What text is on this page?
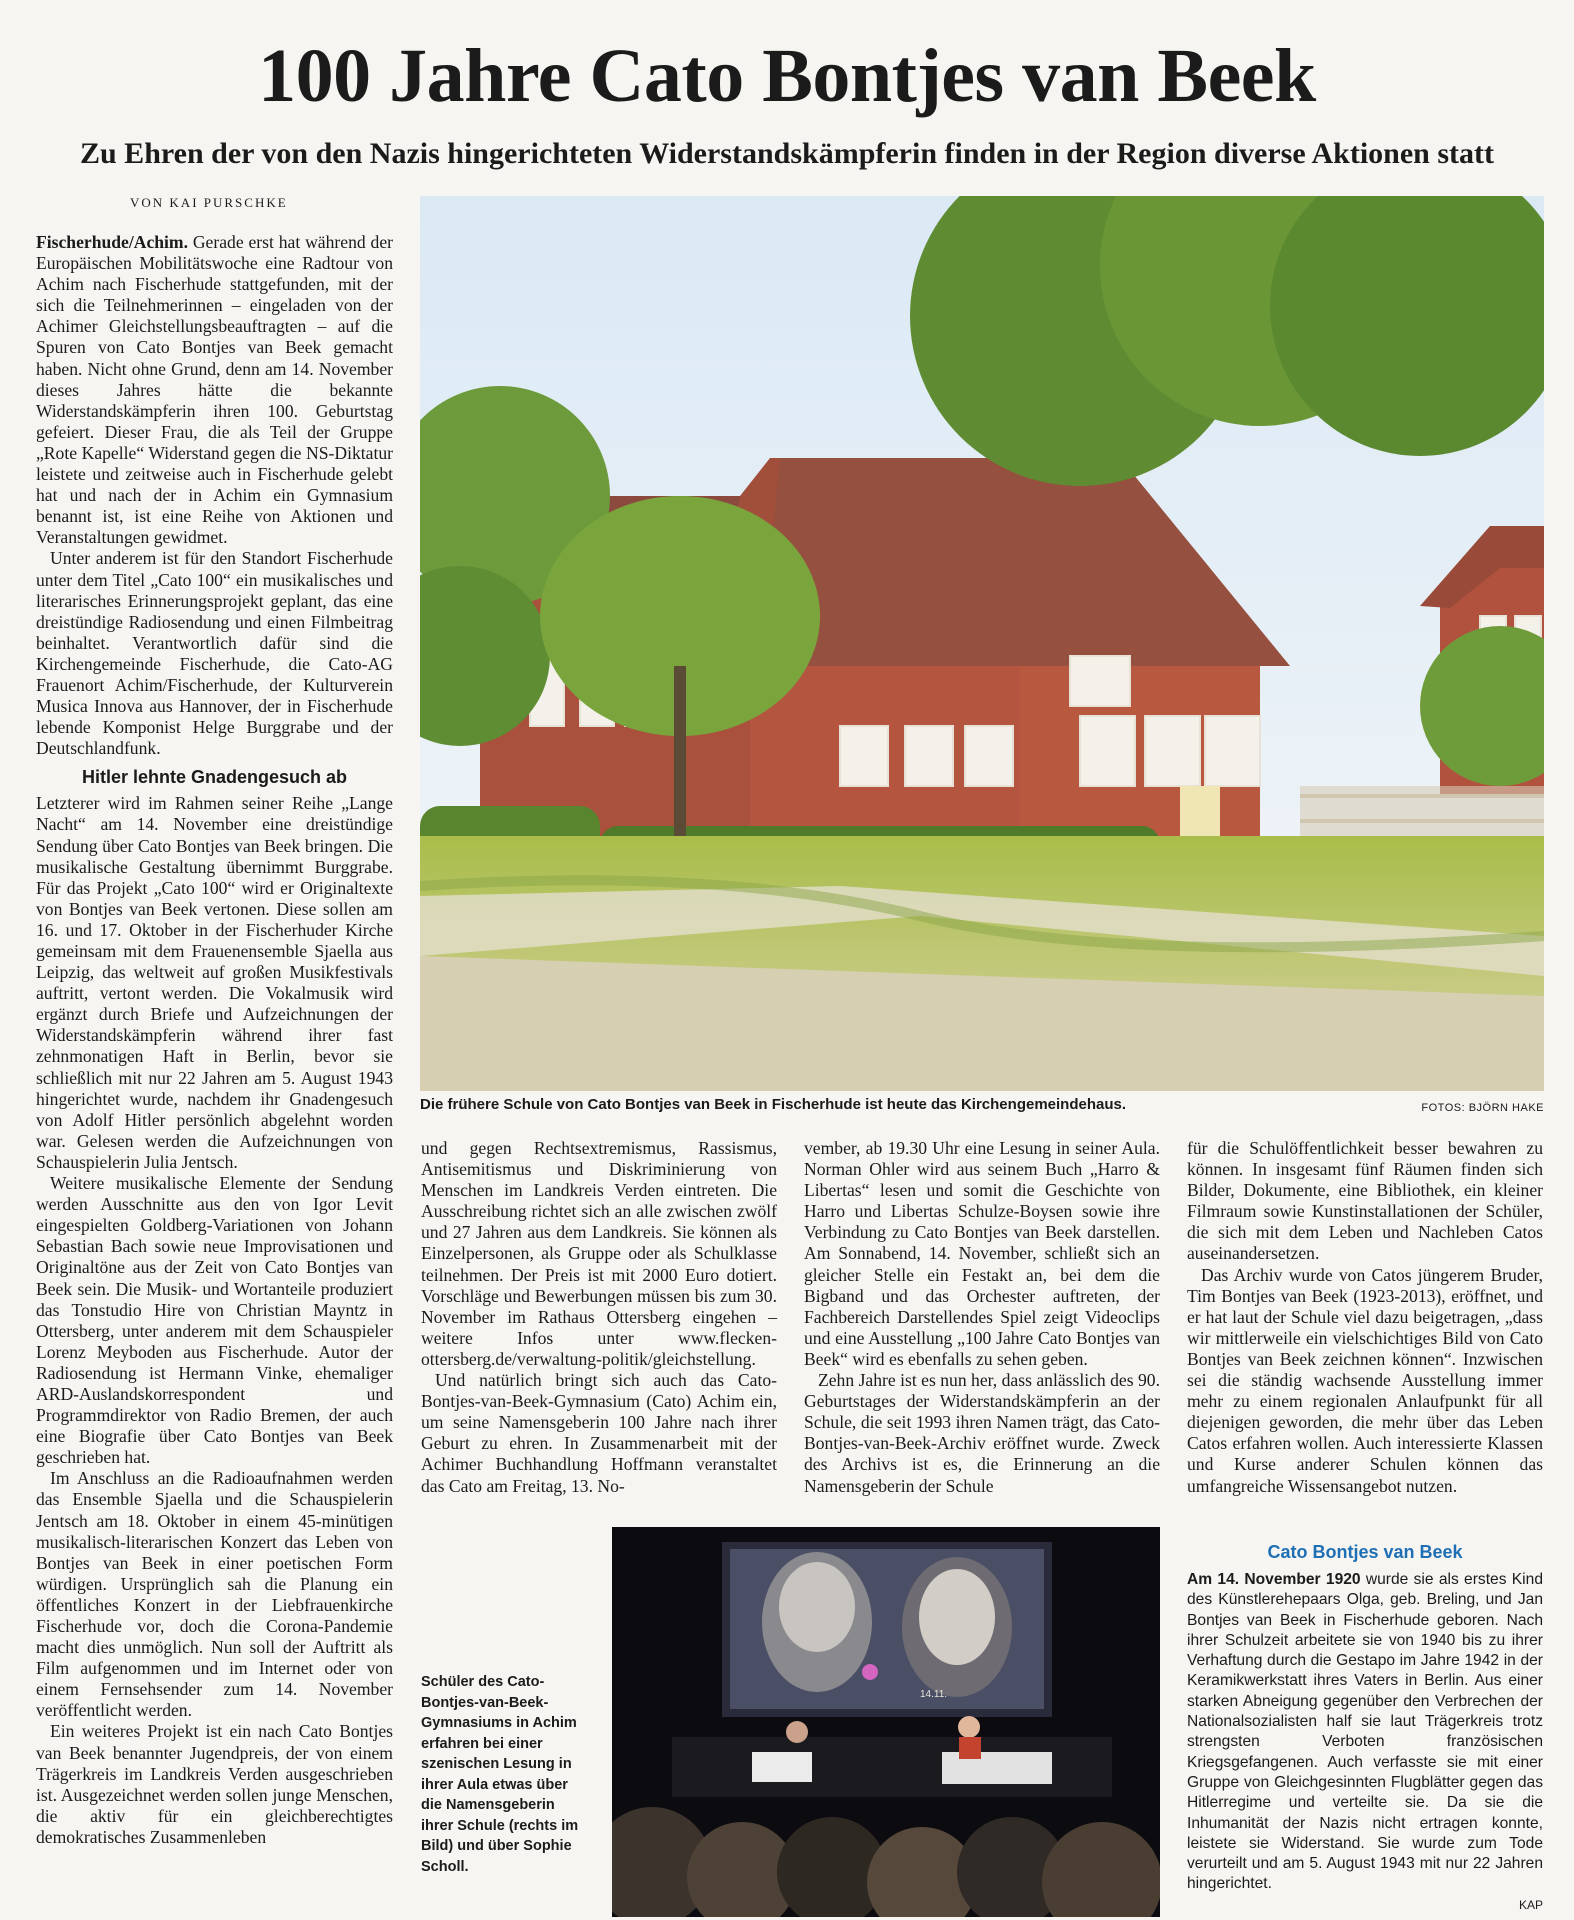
100 Jahre Cato Bontjes van Beek
Zu Ehren der von den Nazis hingerichteten Widerstandskämpferin finden in der Region diverse Aktionen statt
VON KAI PURSCHKE

Fischerhude/Achim. Gerade erst hat während der Europäischen Mobilitätswoche eine Radtour von Achim nach Fischerhude stattgefunden, mit der sich die Teilnehmerinnen – eingeladen von der Achimer Gleichstellungsbeauftragten – auf die Spuren von Cato Bontjes van Beek gemacht haben. Nicht ohne Grund, denn am 14. November dieses Jahres hätte die bekannte Widerstandskämpferin ihren 100. Geburtstag gefeiert. Dieser Frau, die als Teil der Gruppe „Rote Kapelle“ Widerstand gegen die NS-Diktatur leistete und zeitweise auch in Fischerhude gelebt hat und nach der in Achim ein Gymnasium benannt ist, ist eine Reihe von Aktionen und Veranstaltungen gewidmet.

Unter anderem ist für den Standort Fischerhude unter dem Titel „Cato 100“ ein musikalisches und literarisches Erinnerungsprojekt geplant, das eine dreistündige Radiosendung und einen Filmbeitrag beinhaltet. Verantwortlich dafür sind die Kirchengemeinde Fischerhude, die Cato-AG Frauenort Achim/Fischerhude, der Kulturverein Musica Innova aus Hannover, der in Fischerhude lebende Komponist Helge Burggrabe und der Deutschlandfunk.

Hitler lehnte Gnadengesuch ab

Letzterer wird im Rahmen seiner Reihe „Lange Nacht“ am 14. November eine dreistündige Sendung über Cato Bontjes van Beek bringen. Die musikalische Gestaltung übernimmt Burggrabe. Für das Projekt „Cato 100“ wird er Originaltexte von Bontjes van Beek vertonen. Diese sollen am 16. und 17. Oktober in der Fischerhuder Kirche gemeinsam mit dem Frauenensemble Sjaella aus Leipzig, das weltweit auf großen Musikfestivals auftritt, vertont werden. Die Vokalmusik wird ergänzt durch Briefe und Aufzeichnungen der Widerstandskämpferin während ihrer fast zehnmonatigen Haft in Berlin, bevor sie schließlich mit nur 22 Jahren am 5. August 1943 hingerichtet wurde, nachdem ihr Gnadengesuch von Adolf Hitler persönlich abgelehnt worden war. Gelesen werden die Aufzeichnungen von Schauspielerin Julia Jentsch.

Weitere musikalische Elemente der Sendung werden Ausschnitte aus den von Igor Levit eingespielten Goldberg-Variationen von Johann Sebastian Bach sowie neue Improvisationen und Originaltöne aus der Zeit von Cato Bontjes van Beek sein. Die Musik- und Wortanteile produziert das Tonstudio Hire von Christian Mayntz in Ottersberg, unter anderem mit dem Schauspieler Lorenz Meyboden aus Fischerhude. Autor der Radiosendung ist Hermann Vinke, ehemaliger ARD-Auslandskorrespondent und Programmdirektor von Radio Bremen, der auch eine Biografie über Cato Bontjes van Beek geschrieben hat.

Im Anschluss an die Radioaufnahmen werden das Ensemble Sjaella und die Schauspielerin Jentsch am 18. Oktober in einem 45-minütigen musikalisch-literarischen Konzert das Leben von Bontjes van Beek in einer poetischen Form würdigen. Ursprünglich sah die Planung ein öffentliches Konzert in der Liebfrauenkirche Fischerhude vor, doch die Corona-Pandemie macht dies unmöglich. Nun soll der Auftritt als Film aufgenommen und im Internet oder von einem Fernsehsender zum 14. November veröffentlicht werden.

Ein weiteres Projekt ist ein nach Cato Bontjes van Beek benannter Jugendpreis, der von einem Trägerkreis im Landkreis Verden ausgeschrieben ist. Ausgezeichnet werden sollen junge Menschen, die aktiv für ein gleichberechtigtes demokratisches Zusammenleben

Die frühere Schule von Cato Bontjes van Beek in Fischerhude ist heute das Kirchengemeindehaus.	FOTOS: BJÖRN HAKE

und gegen Rechtsextremismus, Rassismus, Antisemitismus und Diskriminierung von Menschen im Landkreis Verden eintreten. Die Ausschreibung richtet sich an alle zwischen zwölf und 27 Jahren aus dem Landkreis. Sie können als Einzelpersonen, als Gruppe oder als Schulklasse teilnehmen. Der Preis ist mit 2000 Euro dotiert. Vorschläge und Bewerbungen müssen bis zum 30. November im Rathaus Ottersberg eingehen – weitere Infos unter www.flecken-ottersberg.de/verwaltung-politik/gleichstellung.

Und natürlich bringt sich auch das Cato-Bontjes-van-Beek-Gymnasium (Cato) Achim ein, um seine Namensgeberin 100 Jahre nach ihrer Geburt zu ehren. In Zusammenarbeit mit der Achimer Buchhandlung Hoffmann veranstaltet das Cato am Freitag, 13. No-

vember, ab 19.30 Uhr eine Lesung in seiner Aula. Norman Ohler wird aus seinem Buch „Harro & Libertas“ lesen und somit die Geschichte von Harro und Libertas Schulze-Boysen sowie ihre Verbindung zu Cato Bontjes van Beek darstellen. Am Sonnabend, 14. November, schließt sich an gleicher Stelle ein Festakt an, bei dem die Bigband und das Orchester auftreten, der Fachbereich Darstellendes Spiel zeigt Videoclips und eine Ausstellung „100 Jahre Cato Bontjes van Beek“ wird es ebenfalls zu sehen geben.

Zehn Jahre ist es nun her, dass anlässlich des 90. Geburtstages der Widerstandskämpferin an der Schule, die seit 1993 ihren Namen trägt, das Cato-Bontjes-van-Beek-Archiv eröffnet wurde. Zweck des Archivs ist es, die Erinnerung an die Namensgeberin der Schule

für die Schulöffentlichkeit besser bewahren zu können. In insgesamt fünf Räumen finden sich Bilder, Dokumente, eine Bibliothek, ein kleiner Filmraum sowie Kunstinstallationen der Schüler, die sich mit dem Leben und Nachleben Catos auseinandersetzen.

Das Archiv wurde von Catos jüngerem Bruder, Tim Bontjes van Beek (1923-2013), eröffnet, und er hat laut der Schule viel dazu beigetragen, „dass wir mittlerweile ein vielschichtiges Bild von Cato Bontjes van Beek zeichnen können“. Inzwischen sei die ständig wachsende Ausstellung immer mehr zu einem regionalen Anlaufpunkt für all diejenigen geworden, die mehr über das Leben Catos erfahren wollen. Auch interessierte Klassen und Kurse anderer Schulen können das umfangreiche Wissensangebot nutzen.

Schüler des Cato-Bontjes-van-Beek-Gymnasiums in Achim erfahren bei einer szenischen Lesung in ihrer Aula etwas über die Namensgeberin ihrer Schule (rechts im Bild) und über Sophie Scholl.
14.11.
Cato Bontjes van Beek
Am 14. November 1920 wurde sie als erstes Kind des Künstlerehepaars Olga, geb. Breling, und Jan Bontjes van Beek in Fischerhude geboren. Nach ihrer Schulzeit arbeitete sie von 1940 bis zu ihrer Verhaftung durch die Gestapo im Jahre 1942 in der Keramikwerkstatt ihres Vaters in Berlin. Aus einer starken Abneigung gegenüber den Verbrechen der Nationalsozialisten half sie laut Trägerkreis trotz strengsten Verboten französischen Kriegsgefangenen. Auch verfasste sie mit einer Gruppe von Gleichgesinnten Flugblätter gegen das Hitlerregime und verteilte sie. Da sie die Inhumanität der Nazis nicht ertragen konnte, leistete sie Widerstand. Sie wurde zum Tode verurteilt und am 5. August 1943 mit nur 22 Jahren hingerichtet.
KAP
